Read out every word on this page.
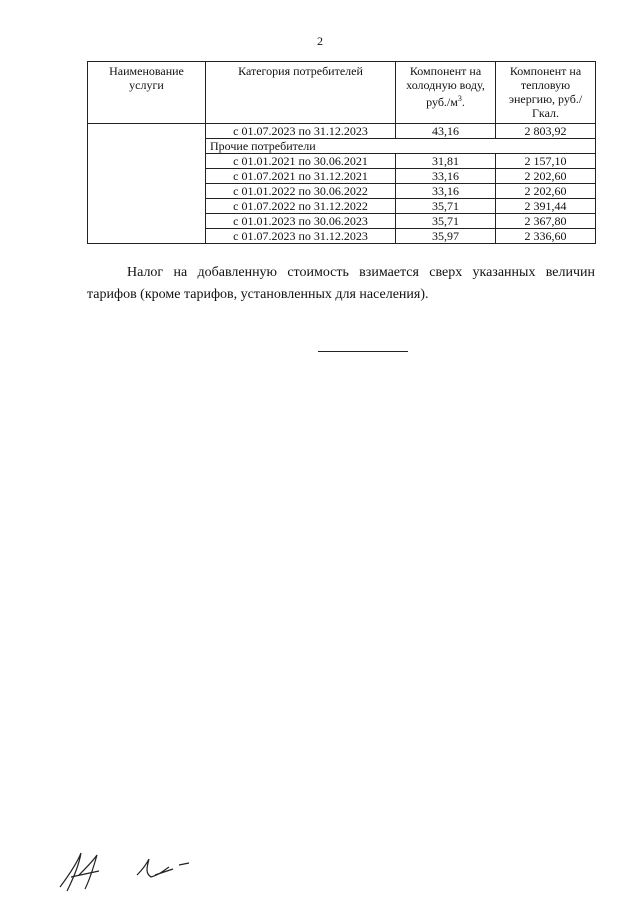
2
Наименование услуги	Категория потребителей	Компонент на холодную воду, $руб./м^3$.	Компонент на тепловую энергию, руб./Гкал.
	с 01.07.2023 по 31.12.2023	43,16	2 803,92
	Прочие потребители		
	с 01.01.2021 по 30.06.2021	31,81	2 157,10
	с 01.07.2021 по 31.12.2021	33,16	2 202,60
	с 01.01.2022 по 30.06.2022	33,16	2 202,60
	с 01.07.2022 по 31.12.2022	35,71	2 391,44
	с 01.01.2023 по 30.06.2023	35,71	2 367,80
	с 01.07.2023 по 31.12.2023	35,97	2 336,60

Налог на добавленную стоимость взимается сверх указанных величин тарифов (кроме тарифов, установленных для населения).
